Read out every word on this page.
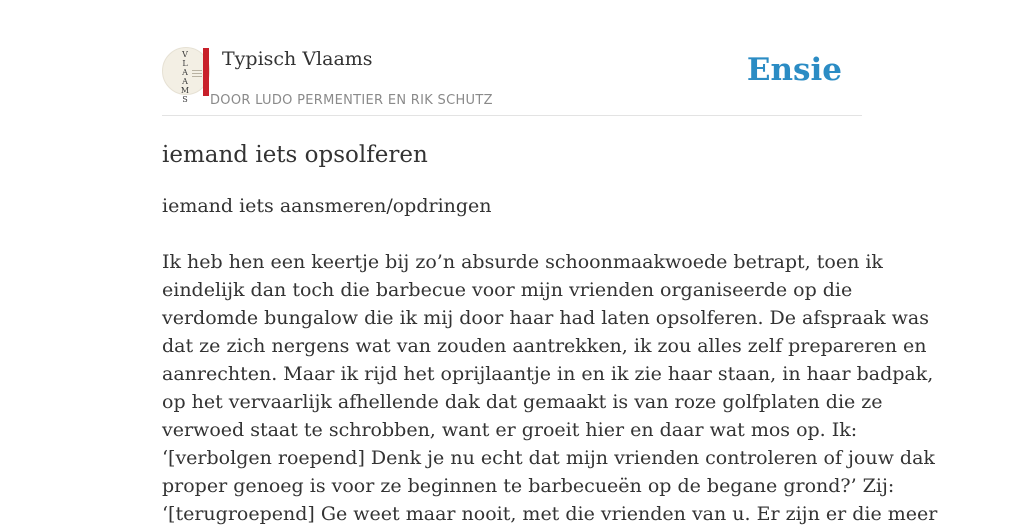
V
L
A
A
M
S
Typisch Vlaams
DOOR LUDO PERMENTIER EN RIK SCHUTZ
Ensie
iemand iets opsolferen
iemand iets aansmeren/opdringen
Ik heb hen een keertje bij zo’n absurde schoonmaakwoede betrapt, toen ik
eindelijk dan toch die barbecue voor mijn vrienden organiseerde op die
verdomde bungalow die ik mij door haar had laten opsolferen. De afspraak was
dat ze zich nergens wat van zouden aantrekken, ik zou alles zelf prepareren en
aanrechten. Maar ik rijd het oprijlaantje in en ik zie haar staan, in haar badpak,
op het vervaarlijk afhellende dak dat gemaakt is van roze golfplaten die ze
verwoed staat te schrobben, want er groeit hier en daar wat mos op. Ik:
‘[verbolgen roepend] Denk je nu echt dat mijn vrienden controleren of jouw dak
proper genoeg is voor ze beginnen te barbecueën op de begane grond?’ Zij:
‘[terugroepend] Ge weet maar nooit, met die vrienden van u. Er zijn er die meer
